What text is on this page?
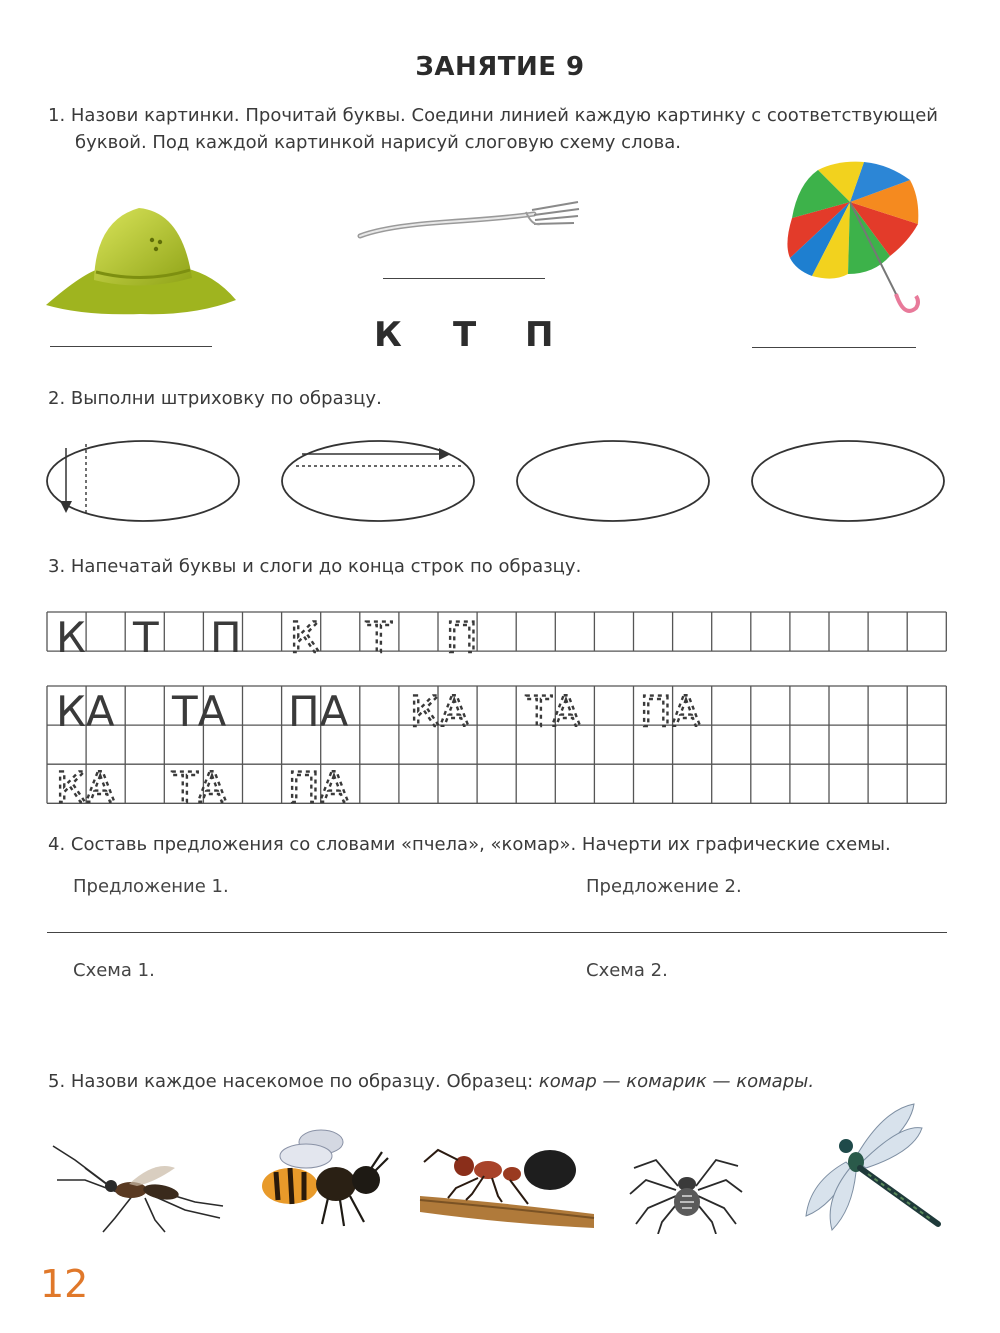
ЗАНЯТИЕ 9
1. Назови картинки. Прочитай буквы. Соедини линией каждую картинку с соответствующей
буквой. Под каждой картинкой нарисуй слоговую схему слова.
К Т П
2. Выполни штриховку по образцу.
3. Напечатай буквы и слоги до конца строк по образцу.
К Т П К Т П
КА ТА ПА КА ТА ПА
КА ТА ПА
4. Составь предложения со словами «пчела», «комар». Начерти их графические схемы.
Предложение 1.	Предложение 2.
Схема 1.	Схема 2.
5. Назови каждое насекомое по образцу. Образец: комар — комарик — комары.
12
